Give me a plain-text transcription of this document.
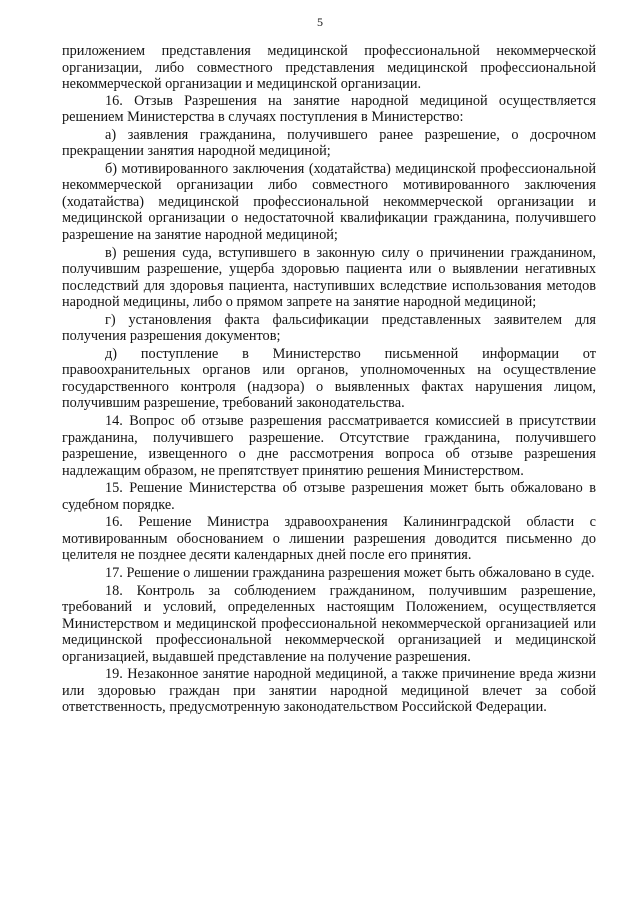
5

приложением представления медицинской профессиональной некоммерческой организации, либо совместного представления медицинской профессиональной некоммерческой организации и медицинской организации.

16. Отзыв Разрешения на занятие народной медициной осуществляется решением Министерства в случаях поступления в Министерство:

а) заявления гражданина, получившего ранее разрешение, о досрочном прекращении занятия народной медициной;

б) мотивированного заключения (ходатайства) медицинской профессиональной некоммерческой организации либо совместного мотивированного заключения (ходатайства) медицинской профессиональной некоммерческой организации и медицинской организации о недостаточной квалификации гражданина, получившего разрешение на занятие народной медициной;

в) решения суда, вступившего в законную силу о причинении гражданином, получившим разрешение, ущерба здоровью пациента или о выявлении негативных последствий для здоровья пациента, наступивших вследствие использования методов народной медицины, либо о прямом запрете на занятие народной медициной;

г) установления факта фальсификации представленных заявителем для получения разрешения документов;

д) поступление в Министерство письменной информации от правоохранительных органов или органов, уполномоченных на осуществление государственного контроля (надзора) о выявленных фактах нарушения лицом, получившим разрешение, требований законодательства.

14. Вопрос об отзыве разрешения рассматривается комиссией в присутствии гражданина, получившего разрешение. Отсутствие гражданина, получившего разрешение, извещенного о дне рассмотрения вопроса об отзыве разрешения надлежащим образом, не препятствует принятию решения Министерством.

15. Решение Министерства об отзыве разрешения может быть обжаловано в судебном порядке.

16. Решение Министра здравоохранения Калининградской области с мотивированным обоснованием о лишении разрешения доводится письменно до целителя не позднее десяти календарных дней после его принятия.

17. Решение о лишении гражданина разрешения может быть обжаловано в суде.

18. Контроль за соблюдением гражданином, получившим разрешение, требований и условий, определенных настоящим Положением, осуществляется Министерством и медицинской профессиональной некоммерческой организацией или медицинской профессиональной некоммерческой организацией и медицинской организацией, выдавшей представление на получение разрешения.

19. Незаконное занятие народной медициной, а также причинение вреда жизни или здоровью граждан при занятии народной медициной влечет за собой ответственность, предусмотренную законодательством Российской Федерации.
